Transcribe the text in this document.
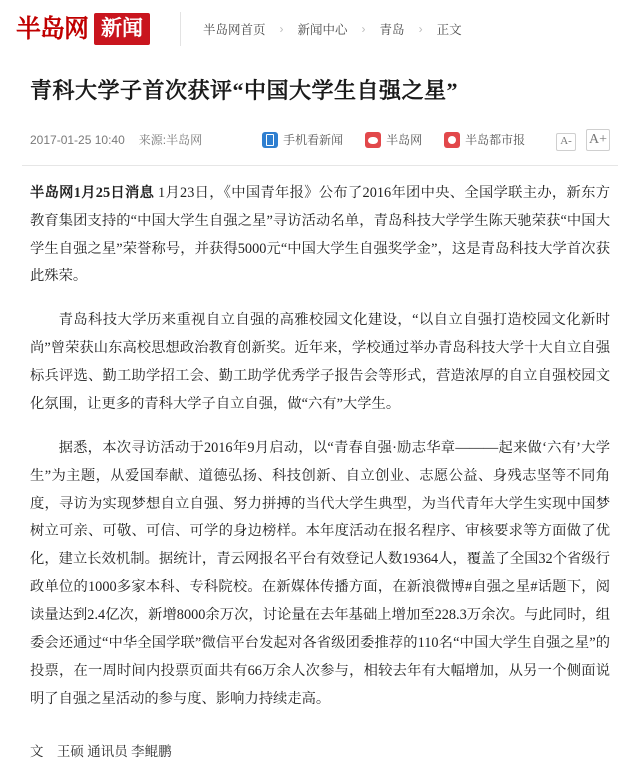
半岛网 新闻	半岛网首页 › 新闻中心 › 青岛 › 正文
青科大学子首次获评“中国大学生自强之星”
2017-01-25 10:40 来源:半岛网	手机看新闻	半岛网	半岛都市报	A- A+

半岛网1月25日消息 1月23日，《中国青年报》公布了2016年团中央、全国学联主办，新东方教育集团支持的“中国大学生自强之星”寻访活动名单，青岛科技大学学生陈天驰荣获“中国大学生自强之星”荣誉称号，并获得5000元“中国大学生自强奖学金”，这是青岛科技大学首次获此殊荣。

青岛科技大学历来重视自立自强的高雅校园文化建设，“以自立自强打造校园文化新时尚”曾荣获山东高校思想政治教育创新奖。近年来，学校通过举办青岛科技大学十大自立自强标兵评选、勤工助学招工会、勤工助学优秀学子报告会等形式，营造浓厚的自立自强校园文化氛围，让更多的青科大学子自立自强，做“六有”大学生。

据悉，本次寻访活动于2016年9月启动，以“青春自强·励志华章———起来做‘六有’大学生”为主题，从爱国奉献、道德弘扬、科技创新、自立创业、志愿公益、身残志坚等不同角度，寻访为实现梦想自立自强、努力拼搏的当代大学生典型，为当代青年大学生实现中国梦树立可亲、可敬、可信、可学的身边榜样。本年度活动在报名程序、审核要求等方面做了优化，建立长效机制。据统计，青云网报名平台有效登记人数19364人，覆盖了全国32个省级行政单位的1000多家本科、专科院校。在新媒体传播方面，在新浪微博#自强之星#话题下，阅读量达到2.4亿次，新增8000余万次，讨论量在去年基础上增加至228.3万余次。与此同时，组委会还通过“中华全国学联”微信平台发起对各省级团委推荐的110名“中国大学生自强之星”的投票，在一周时间内投票页面共有66万余人次参与，相较去年有大幅增加，从另一个侧面说明了自强之星活动的参与度、影响力持续走高。

文 王硕 通讯员 李鲲鹏
